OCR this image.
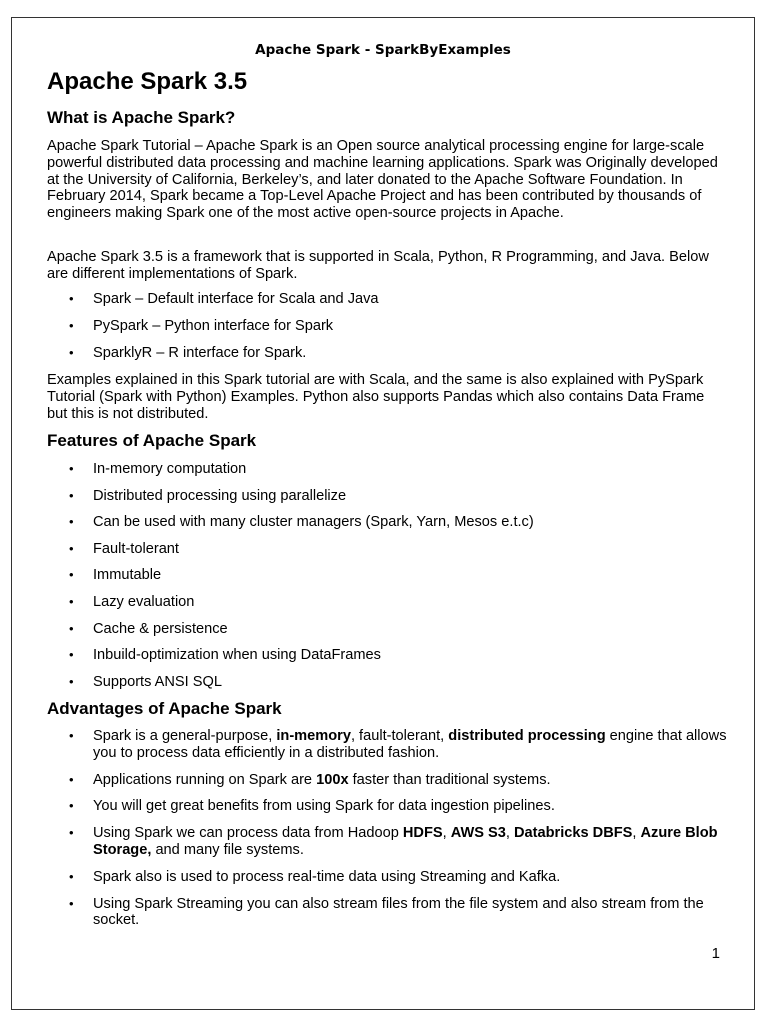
Apache Spark - SparkByExamples
Apache Spark 3.5
What is Apache Spark?

Apache Spark Tutorial – Apache Spark is an Open source analytical processing engine for large-scale powerful distributed data processing and machine learning applications. Spark was Originally developed at the University of California, Berkeley’s, and later donated to the Apache Software Foundation. In February 2014, Spark became a Top-Level Apache Project and has been contributed by thousands of engineers making Spark one of the most active open-source projects in Apache.

Apache Spark 3.5 is a framework that is supported in Scala, Python, R Programming, and Java. Below are different implementations of Spark.

• Spark – Default interface for Scala and Java
• PySpark – Python interface for Spark
• SparklyR – R interface for Spark.

Examples explained in this Spark tutorial are with Scala, and the same is also explained with PySpark Tutorial (Spark with Python) Examples. Python also supports Pandas which also contains Data Frame but this is not distributed.

Features of Apache Spark
• In-memory computation
• Distributed processing using parallelize
• Can be used with many cluster managers (Spark, Yarn, Mesos e.t.c)
• Fault-tolerant
• Immutable
• Lazy evaluation
• Cache & persistence
• Inbuild-optimization when using DataFrames
• Supports ANSI SQL
Advantages of Apache Spark
• Spark is a general-purpose, in-memory, fault-tolerant, distributed processing engine that allows you to process data efficiently in a distributed fashion.
• Applications running on Spark are 100x faster than traditional systems.
• You will get great benefits from using Spark for data ingestion pipelines.
• Using Spark we can process data from Hadoop HDFS, AWS S3, Databricks DBFS, Azure Blob Storage, and many file systems.
• Spark also is used to process real-time data using Streaming and Kafka.
• Using Spark Streaming you can also stream files from the file system and also stream from the socket.
1
